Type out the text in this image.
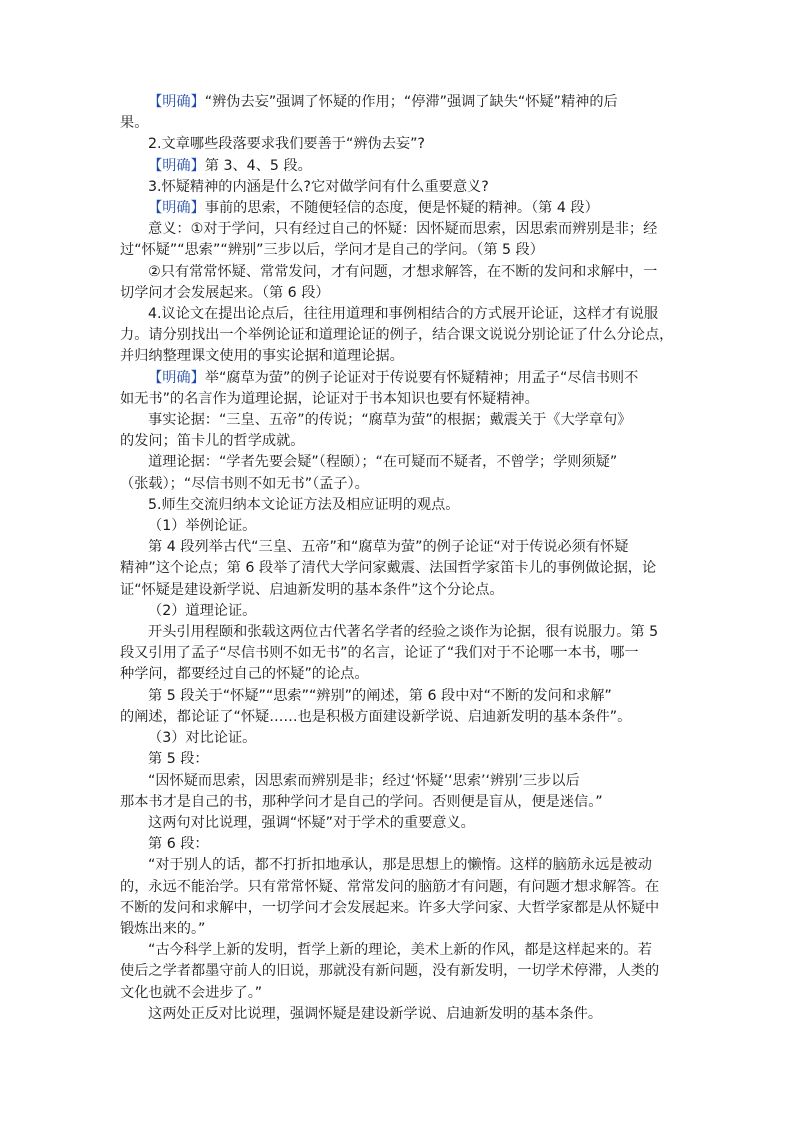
【明确】“辨伪去妄”强调了怀疑的作用；“停滞”强调了缺失“怀疑”精神的后
果。
2.文章哪些段落要求我们要善于“辨伪去妄”?
【明确】第 3、4、5 段。
3.怀疑精神的内涵是什么?它对做学问有什么重要意义?
【明确】事前的思索，不随便轻信的态度，便是怀疑的精神。（第 4 段）
意义：①对于学问，只有经过自己的怀疑：因怀疑而思索，因思索而辨别是非；经
过“怀疑”“思索”“辨别”三步以后，学问才是自己的学问。（第 5 段）
②只有常常怀疑、常常发问，才有问题，才想求解答，在不断的发问和求解中，一
切学问才会发展起来。（第 6 段）
4.议论文在提出论点后，往往用道理和事例相结合的方式展开论证，这样才有说服
力。请分别找出一个举例论证和道理论证的例子，结合课文说说分别论证了什么分论点，
并归纳整理课文使用的事实论据和道理论据。
【明确】举“腐草为萤”的例子论证对于传说要有怀疑精神；用孟子“尽信书则不
如无书”的名言作为道理论据，论证对于书本知识也要有怀疑精神。
事实论据：“三皇、五帝”的传说；“腐草为萤”的根据；戴震关于《大学章句》
的发问；笛卡儿的哲学成就。
道理论据：“学者先要会疑”（程颐）；“在可疑而不疑者，不曾学；学则须疑”
（张载）；“尽信书则不如无书”（孟子）。
5.师生交流归纳本文论证方法及相应证明的观点。
（1）举例论证。
第 4 段列举古代“三皇、五帝”和“腐草为萤”的例子论证“对于传说必须有怀疑
精神”这个论点；第 6 段举了清代大学问家戴震、法国哲学家笛卡儿的事例做论据，论
证“怀疑是建设新学说、启迪新发明的基本条件”这个分论点。
（2）道理论证。
开头引用程颐和张载这两位古代著名学者的经验之谈作为论据，很有说服力。第 5
段又引用了孟子“尽信书则不如无书”的名言，论证了“我们对于不论哪一本书，哪一
种学问，都要经过自己的怀疑”的论点。
第 5 段关于“怀疑”“思索”“辨别”的阐述，第 6 段中对“不断的发问和求解”
的阐述，都论证了“怀疑……也是积极方面建设新学说、启迪新发明的基本条件”。
（3）对比论证。
第 5 段：
“因怀疑而思索，因思索而辨别是非；经过‘怀疑’‘思索’‘辨别’三步以后
那本书才是自己的书，那种学问才是自己的学问。否则便是盲从，便是迷信。”
这两句对比说理，强调“怀疑”对于学术的重要意义。
第 6 段：
“对于别人的话，都不打折扣地承认，那是思想上的懒惰。这样的脑筋永远是被动
的，永远不能治学。只有常常怀疑、常常发问的脑筋才有问题，有问题才想求解答。在
不断的发问和求解中，一切学问才会发展起来。许多大学问家、大哲学家都是从怀疑中
锻炼出来的。”
“古今科学上新的发明，哲学上新的理论，美术上新的作风，都是这样起来的。若
使后之学者都墨守前人的旧说，那就没有新问题，没有新发明，一切学术停滞，人类的
文化也就不会进步了。”
这两处正反对比说理，强调怀疑是建设新学说、启迪新发明的基本条件。
